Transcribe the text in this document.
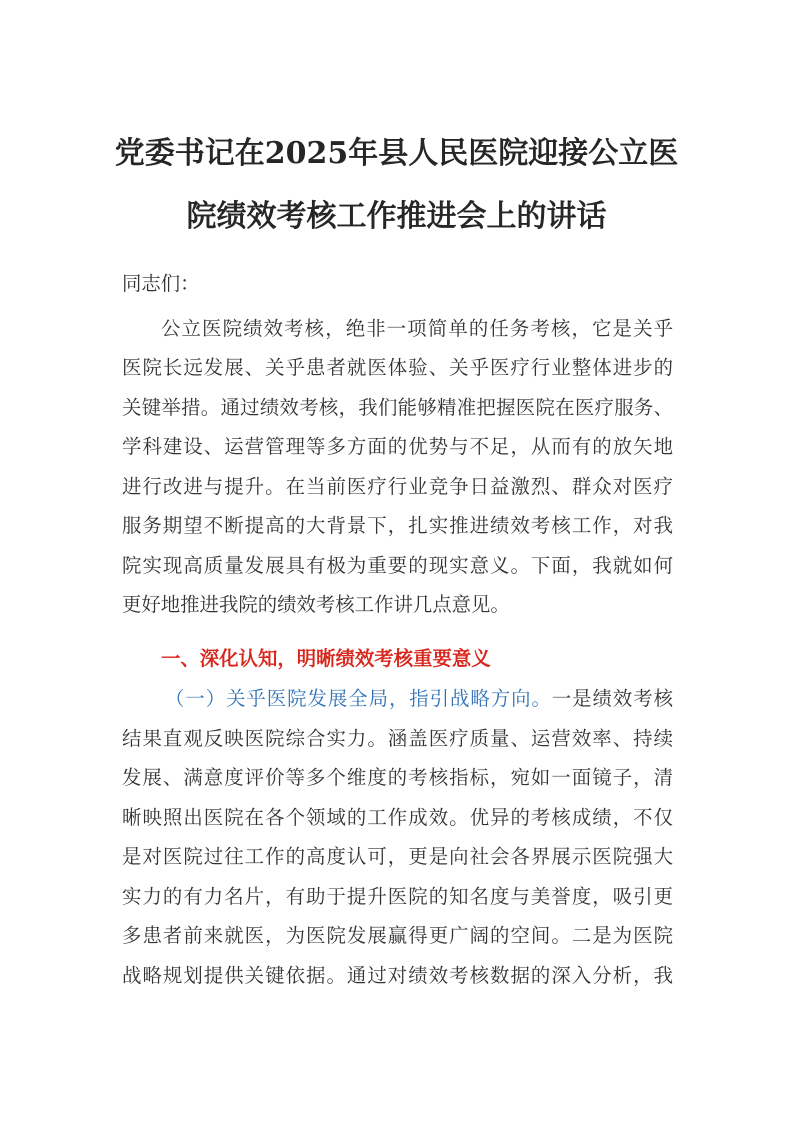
党委书记在2025年县人民医院迎接公立医
院绩效考核工作推进会上的讲话
同志们：
公立医院绩效考核，绝非一项简单的任务考核，它是关乎
医院长远发展、关乎患者就医体验、关乎医疗行业整体进步的
关键举措。通过绩效考核，我们能够精准把握医院在医疗服务、
学科建设、运营管理等多方面的优势与不足，从而有的放矢地
进行改进与提升。在当前医疗行业竞争日益激烈、群众对医疗
服务期望不断提高的大背景下，扎实推进绩效考核工作，对我
院实现高质量发展具有极为重要的现实意义。下面，我就如何
更好地推进我院的绩效考核工作讲几点意见。
一、深化认知，明晰绩效考核重要意义
（一）关乎医院发展全局，指引战略方向。一是绩效考核
结果直观反映医院综合实力。涵盖医疗质量、运营效率、持续
发展、满意度评价等多个维度的考核指标，宛如一面镜子，清
晰映照出医院在各个领域的工作成效。优异的考核成绩，不仅
是对医院过往工作的高度认可，更是向社会各界展示医院强大
实力的有力名片，有助于提升医院的知名度与美誉度，吸引更
多患者前来就医，为医院发展赢得更广阔的空间。二是为医院
战略规划提供关键依据。通过对绩效考核数据的深入分析，我
